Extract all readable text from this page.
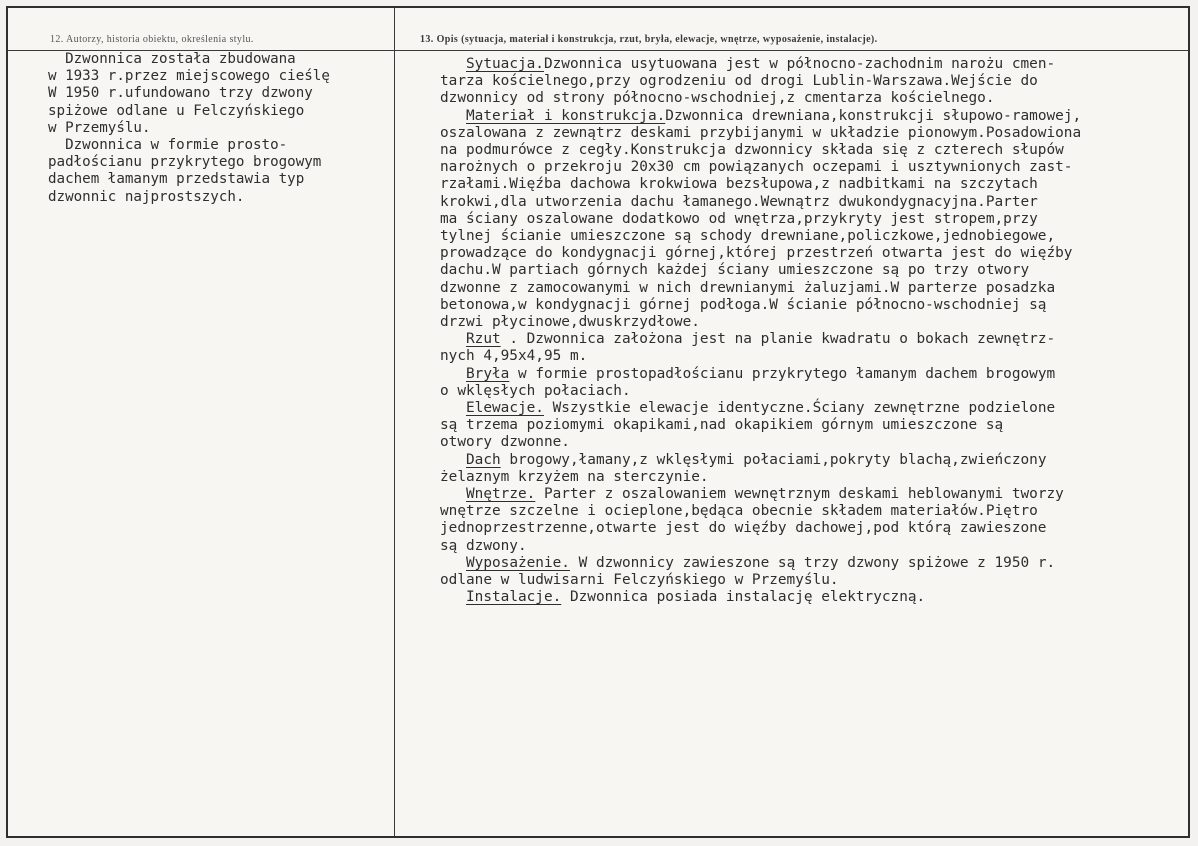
12. Autorzy, historia obiektu, określenia stylu.	13. Opis (sytuacja, materiał i konstrukcja, rzut, bryła, elewacje, wnętrze, wyposażenie, instalacje).
Dzwonnica została zbudowana
w 1933 r.przez miejscowego cieślę
W 1950 r.ufundowano trzy dzwony
spiżowe odlane u Felczyńskiego
w Przemyślu.
Dzwonnica w formie prosto-
padłościanu przykrytego brogowym
dachem łamanym przedstawia typ
dzwonnic najprostszych.
Sytuacja.Dzwonnica usytuowana jest w północno-zachodnim narożu cmen-
tarza kościelnego,przy ogrodzeniu od drogi Lublin-Warszawa.Wejście do
dzwonnicy od strony północno-wschodniej,z cmentarza kościelnego.
Materiał i konstrukcja.Dzwonnica drewniana,konstrukcji słupowo-ramowej,
oszalowana z zewnątrz deskami przybijanymi w układzie pionowym.Posadowiona
na podmurówce z cegły.Konstrukcja dzwonnicy składa się z czterech słupów
narożnych o przekroju 20x30 cm powiązanych oczepami i usztywnionych zast-
rzałami.Więźba dachowa krokwiowa bezsłupowa,z nadbitkami na szczytach
krokwi,dla utworzenia dachu łamanego.Wewnątrz dwukondygnacyjna.Parter
ma ściany oszalowane dodatkowo od wnętrza,przykryty jest stropem,przy
tylnej ścianie umieszczone są schody drewniane,policzkowe,jednobiegowe,
prowadzące do kondygnacji górnej,której przestrzeń otwarta jest do więźby
dachu.W partiach górnych każdej ściany umieszczone są po trzy otwory
dzwonne z zamocowanymi w nich drewnianymi żaluzjami.W parterze posadzka
betonowa,w kondygnacji górnej podłoga.W ścianie północno-wschodniej są
drzwi płycinowe,dwuskrzydłowe.
Rzut . Dzwonnica założona jest na planie kwadratu o bokach zewnętrz-
nych 4,95x4,95 m.
Bryła w formie prostopadłościanu przykrytego łamanym dachem brogowym
o wklęsłych połaciach.
Elewacje. Wszystkie elewacje identyczne.Ściany zewnętrzne podzielone
są trzema poziomymi okapikami,nad okapikiem górnym umieszczone są
otwory dzwonne.
Dach brogowy,łamany,z wklęsłymi połaciami,pokryty blachą,zwieńczony
żelaznym krzyżem na sterczynie.
Wnętrze. Parter z oszalowaniem wewnętrznym deskami heblowanymi tworzy
wnętrze szczelne i ocieplone,będąca obecnie składem materiałów.Piętro
jednoprzestrzenne,otwarte jest do więźby dachowej,pod którą zawieszone
są dzwony.
Wyposażenie. W dzwonnicy zawieszone są trzy dzwony spiżowe z 1950 r.
odlane w ludwisarni Felczyńskiego w Przemyślu.
Instalacje. Dzwonnica posiada instalację elektryczną.
